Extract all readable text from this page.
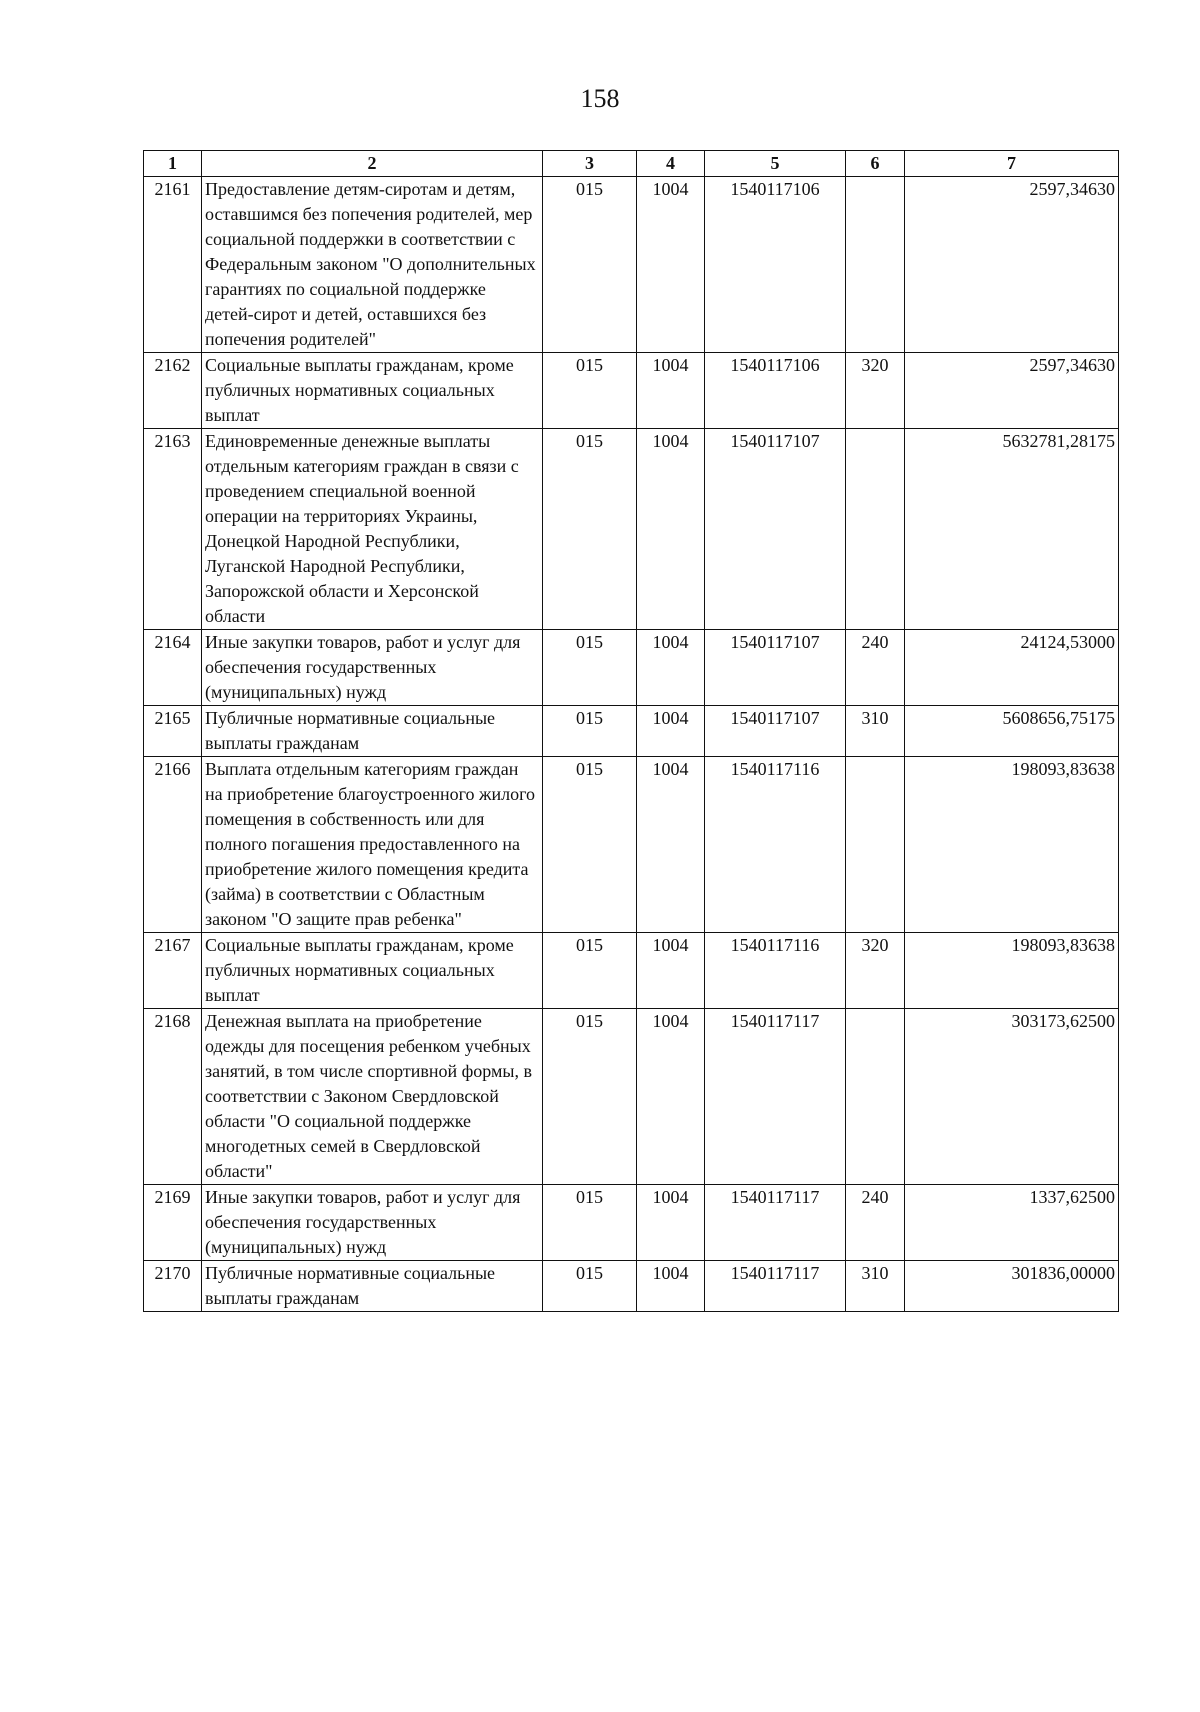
158
1	2	3	4	5	6	7
2161	Предоставление детям-сиротам и детям, оставшимся без попечения родителей, мер социальной поддержки в соответствии с Федеральным законом "О дополнительных гарантиях по социальной поддержке детей-сирот и детей, оставшихся без попечения родителей"	015	1004	1540117106		2597,34630
2162	Социальные выплаты гражданам, кроме публичных нормативных социальных выплат	015	1004	1540117106	320	2597,34630
2163	Единовременные денежные выплаты отдельным категориям граждан в связи с проведением специальной военной операции на территориях Украины, Донецкой Народной Республики, Луганской Народной Республики, Запорожской области и Херсонской области	015	1004	1540117107		5632781,28175
2164	Иные закупки товаров, работ и услуг для обеспечения государственных (муниципальных) нужд	015	1004	1540117107	240	24124,53000
2165	Публичные нормативные социальные выплаты гражданам	015	1004	1540117107	310	5608656,75175
2166	Выплата отдельным категориям граждан на приобретение благоустроенного жилого помещения в собственность или для полного погашения предоставленного на приобретение жилого помещения кредита (займа) в соответствии с Областным законом "О защите прав ребенка"	015	1004	1540117116		198093,83638
2167	Социальные выплаты гражданам, кроме публичных нормативных социальных выплат	015	1004	1540117116	320	198093,83638
2168	Денежная выплата на приобретение одежды для посещения ребенком учебных занятий, в том числе спортивной формы, в соответствии с Законом Свердловской области "О социальной поддержке многодетных семей в Свердловской области"	015	1004	1540117117		303173,62500
2169	Иные закупки товаров, работ и услуг для обеспечения государственных (муниципальных) нужд	015	1004	1540117117	240	1337,62500
2170	Публичные нормативные социальные выплаты гражданам	015	1004	1540117117	310	301836,00000
